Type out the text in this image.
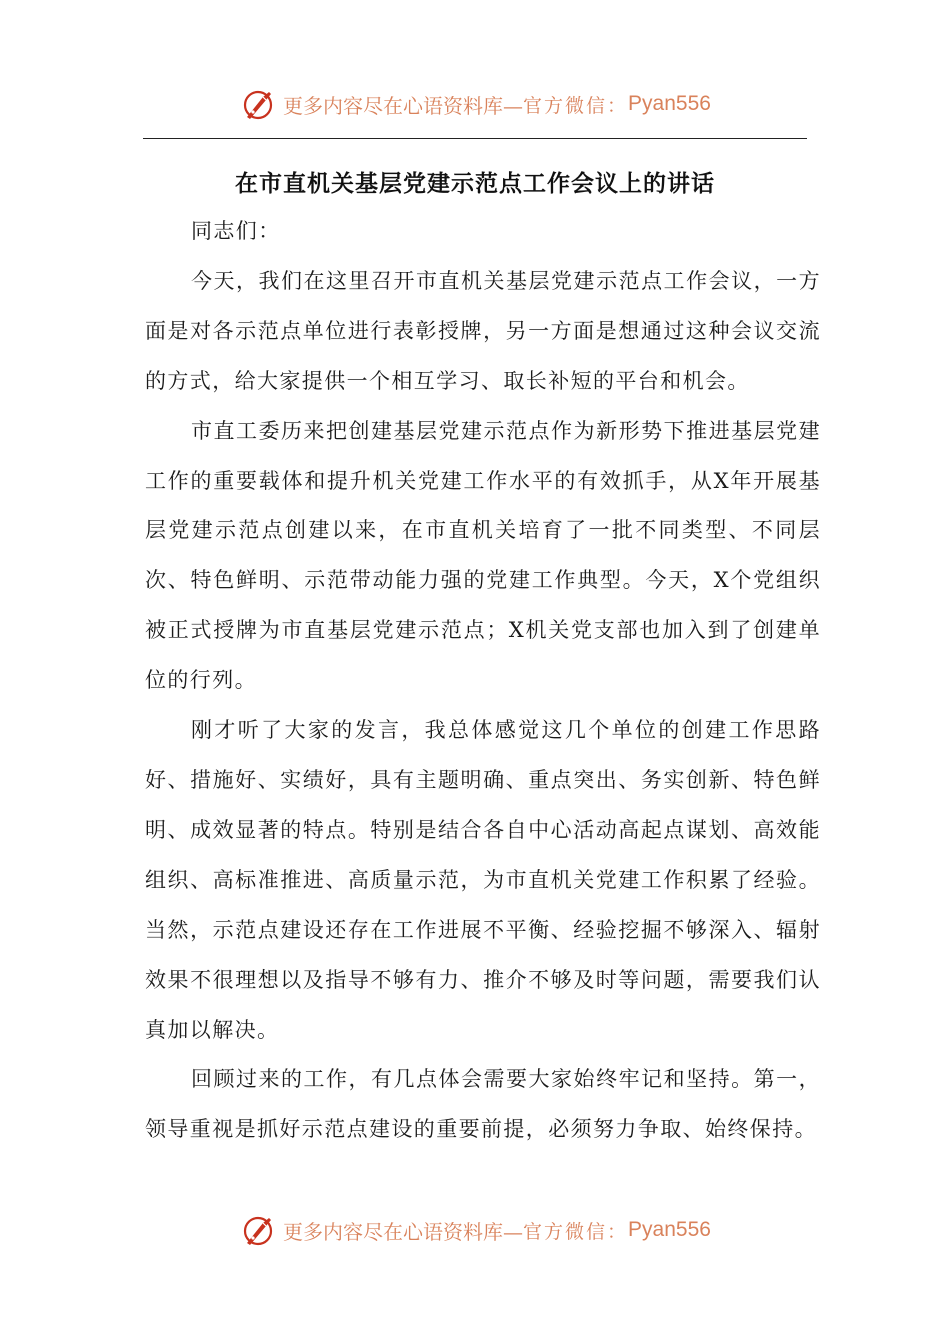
更多内容尽在心语资料库— 官方微信： Pyan556
在市直机关基层党建示范点工作会议上的讲话

同志们：

今天，我们在这里召开市直机关基层党建示范点工作会议，一方面是对各示范点单位进行表彰授牌，另一方面是想通过这种会议交流的方式，给大家提供一个相互学习、取长补短的平台和机会。

市直工委历来把创建基层党建示范点作为新形势下推进基层党建工作的重要载体和提升机关党建工作水平的有效抓手，从X年开展基层党建示范点创建以来，在市直机关培育了一批不同类型、不同层次、特色鲜明、示范带动能力强的党建工作典型。今天，X个党组织被正式授牌为市直基层党建示范点；X机关党支部也加入到了创建单位的行列。

刚才听了大家的发言，我总体感觉这几个单位的创建工作思路好、措施好、实绩好，具有主题明确、重点突出、务实创新、特色鲜明、成效显著的特点。特别是结合各自中心活动高起点谋划、高效能组织、高标准推进、高质量示范，为市直机关党建工作积累了经验。当然，示范点建设还存在工作进展不平衡、经验挖掘不够深入、辐射效果不很理想以及指导不够有力、推介不够及时等问题，需要我们认真加以解决。

回顾过来的工作，有几点体会需要大家始终牢记和坚持。第一，领导重视是抓好示范点建设的重要前提，必须努力争取、始终保持。

更多内容尽在心语资料库— 官方微信： Pyan556
